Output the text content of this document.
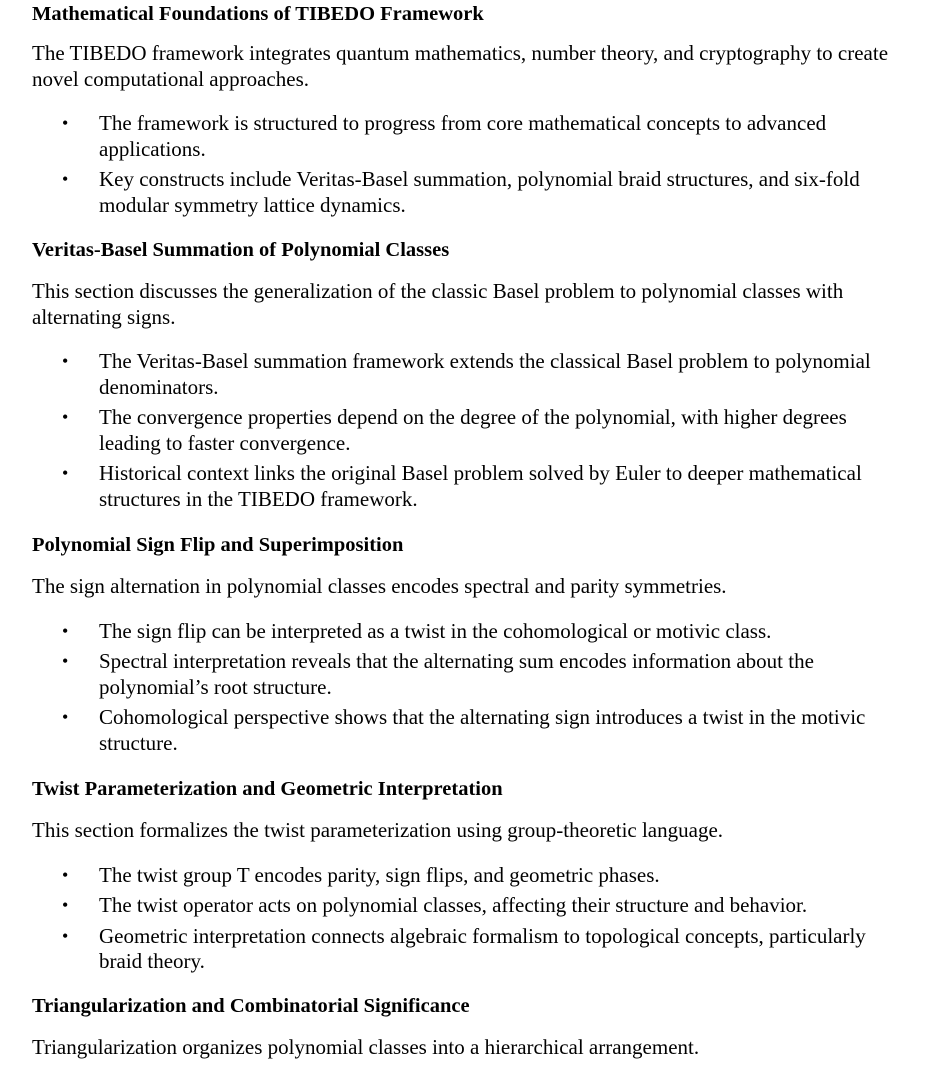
Mathematical Foundations of TIBEDO Framework

The TIBEDO framework integrates quantum mathematics, number theory, and cryptography to create novel computational approaches.

• The framework is structured to progress from core mathematical concepts to advanced applications.
• Key constructs include Veritas-Basel summation, polynomial braid structures, and six-fold modular symmetry lattice dynamics.
Veritas-Basel Summation of Polynomial Classes

This section discusses the generalization of the classic Basel problem to polynomial classes with alternating signs.

• The Veritas-Basel summation framework extends the classical Basel problem to polynomial denominators.
• The convergence properties depend on the degree of the polynomial, with higher degrees leading to faster convergence.
• Historical context links the original Basel problem solved by Euler to deeper mathematical structures in the TIBEDO framework.
Polynomial Sign Flip and Superimposition

The sign alternation in polynomial classes encodes spectral and parity symmetries.

• The sign flip can be interpreted as a twist in the cohomological or motivic class.
• Spectral interpretation reveals that the alternating sum encodes information about the polynomial’s root structure.
• Cohomological perspective shows that the alternating sign introduces a twist in the motivic structure.
Twist Parameterization and Geometric Interpretation

This section formalizes the twist parameterization using group-theoretic language.

• The twist group T encodes parity, sign flips, and geometric phases.
• The twist operator acts on polynomial classes, affecting their structure and behavior.
• Geometric interpretation connects algebraic formalism to topological concepts, particularly braid theory.
Triangularization and Combinatorial Significance

Triangularization organizes polynomial classes into a hierarchical arrangement.
